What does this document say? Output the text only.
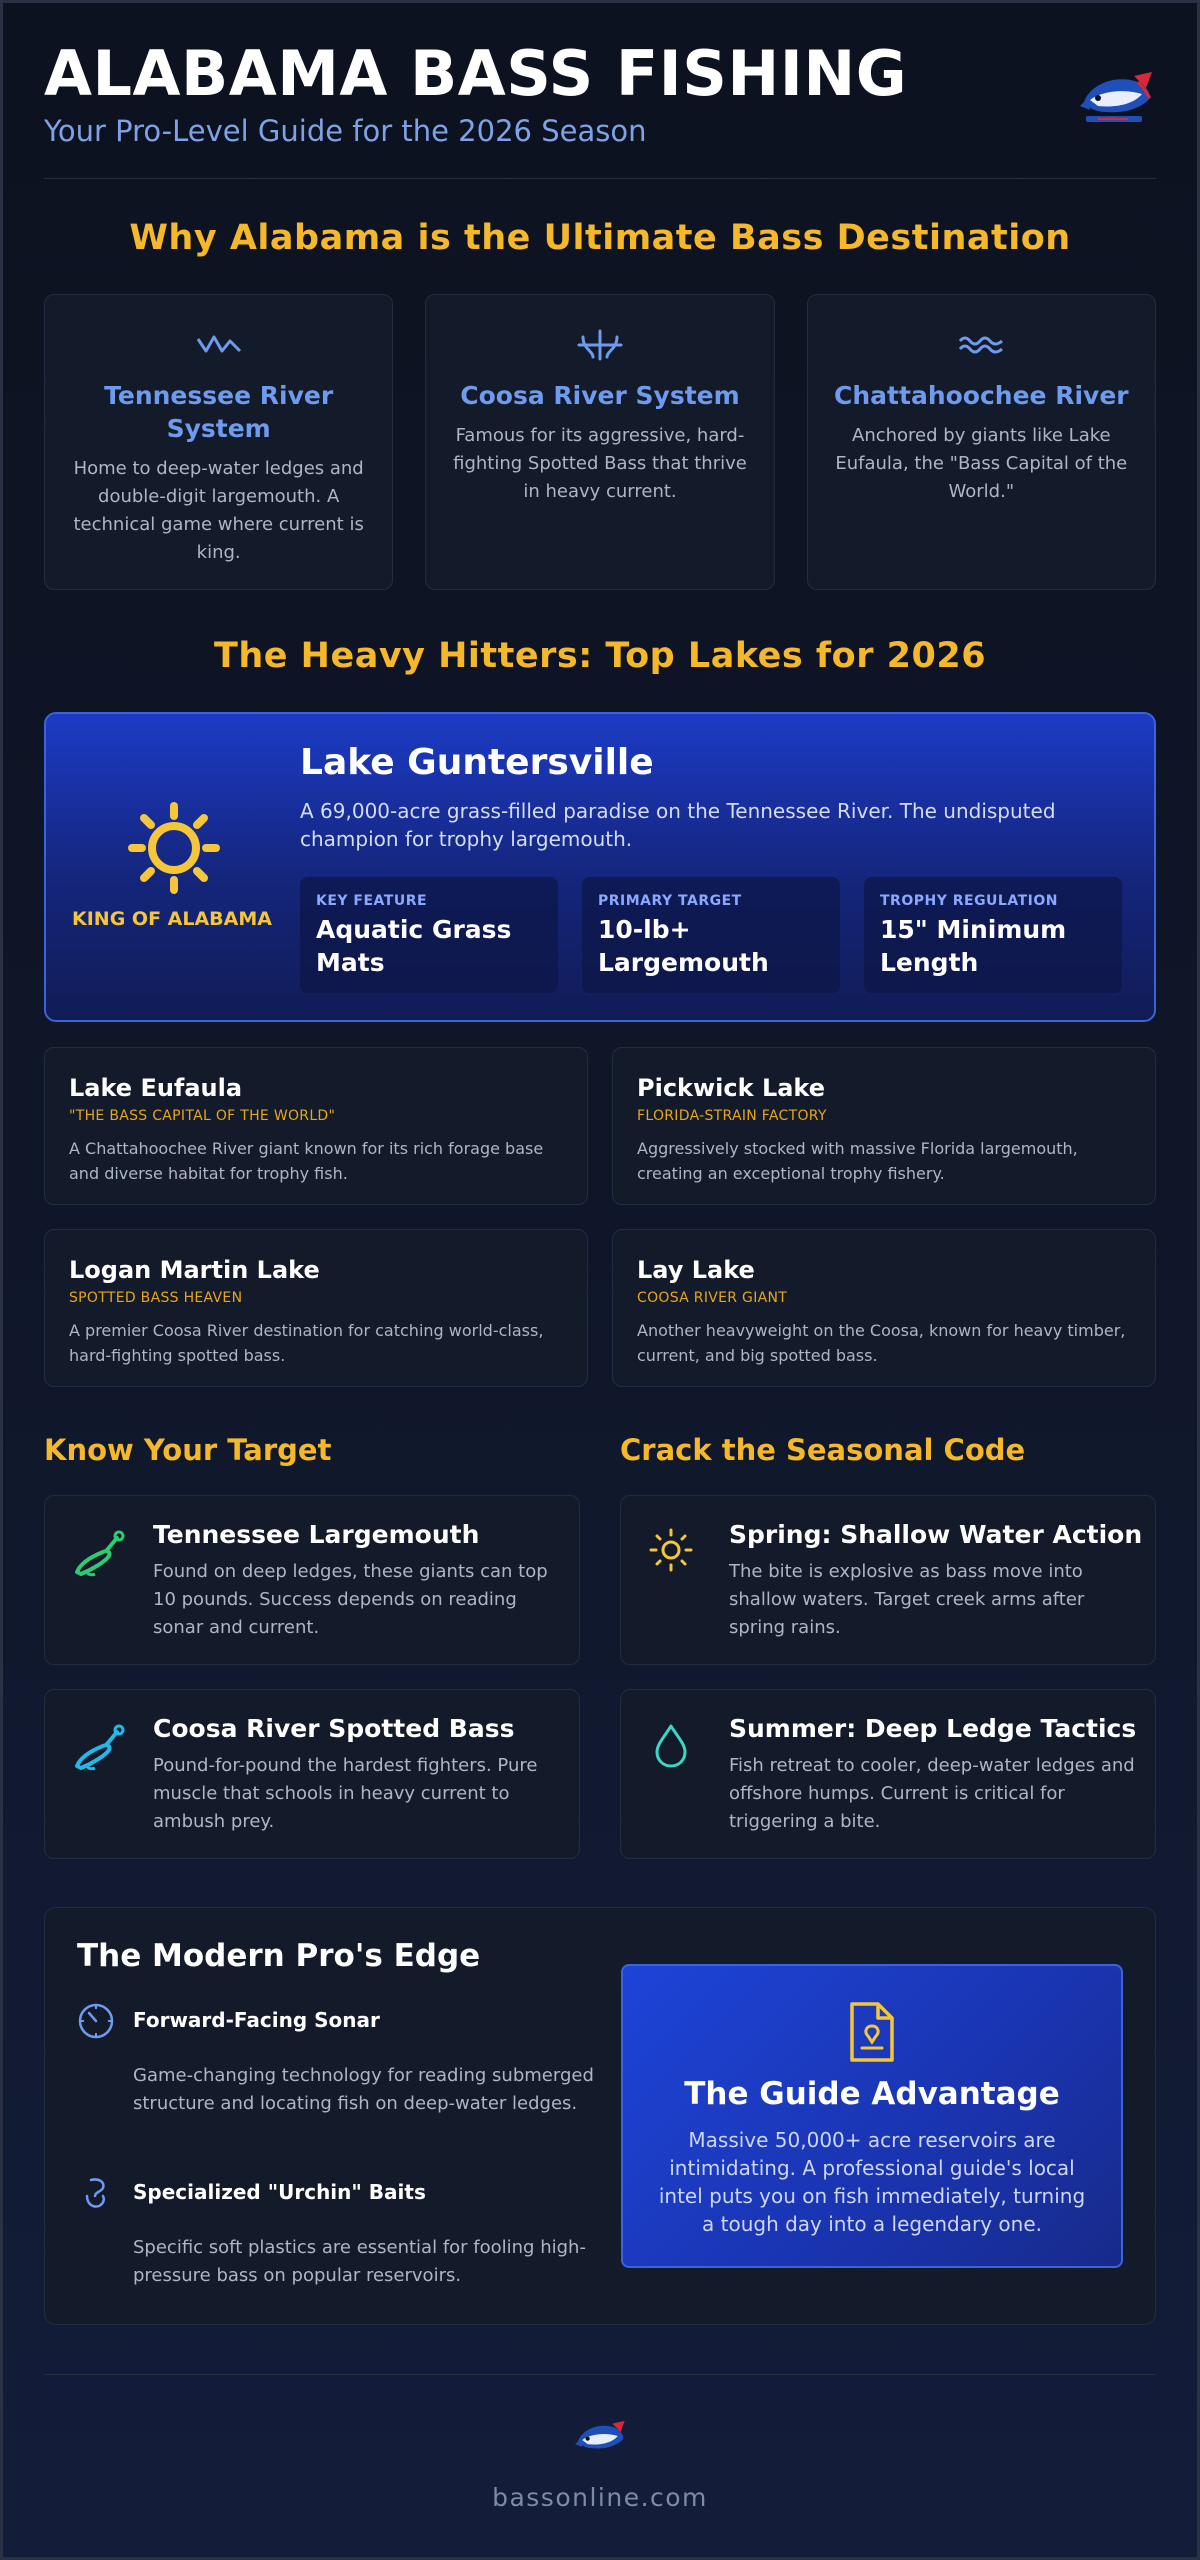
ALABAMA BASS FISHING
Your Pro-Level Guide for the 2026 Season
Why Alabama is the Ultimate Bass Destination
Tennessee River System

Home to deep-water ledges and double-digit largemouth. A technical game where current is king.

Coosa River System

Famous for its aggressive, hard-fighting Spotted Bass that thrive in heavy current.

Chattahoochee River

Anchored by giants like Lake Eufaula, the "Bass Capital of the World."

The Heavy Hitters: Top Lakes for 2026
KING OF ALABAMA
Lake Guntersville
A 69,000-acre grass-filled paradise on the Tennessee River. The undisputed champion for trophy largemouth.
KEY FEATURE
Aquatic Grass Mats
PRIMARY TARGET
10-lb+ Largemouth
TROPHY REGULATION
15" Minimum Length
Lake Eufaula
"THE BASS CAPITAL OF THE WORLD"

A Chattahoochee River giant known for its rich forage base and diverse habitat for trophy fish.

Pickwick Lake
FLORIDA-STRAIN FACTORY

Aggressively stocked with massive Florida largemouth, creating an exceptional trophy fishery.

Logan Martin Lake
SPOTTED BASS HEAVEN

A premier Coosa River destination for catching world-class, hard-fighting spotted bass.

Lay Lake
COOSA RIVER GIANT

Another heavyweight on the Coosa, known for heavy timber, current, and big spotted bass.

Know Your Target
Tennessee Largemouth

Found on deep ledges, these giants can top 10 pounds. Success depends on reading sonar and current.

Coosa River Spotted Bass

Pound-for-pound the hardest fighters. Pure muscle that schools in heavy current to ambush prey.

Crack the Seasonal Code
Spring: Shallow Water Action

The bite is explosive as bass move into shallow waters. Target creek arms after spring rains.

Summer: Deep Ledge Tactics

Fish retreat to cooler, deep-water ledges and offshore humps. Current is critical for triggering a bite.

The Modern Pro's Edge
Forward-Facing Sonar

Game-changing technology for reading submerged structure and locating fish on deep-water ledges.

Specialized "Urchin" Baits

Specific soft plastics are essential for fooling high-pressure bass on popular reservoirs.

The Guide Advantage

Massive 50,000+ acre reservoirs are intimidating. A professional guide's local intel puts you on fish immediately, turning a tough day into a legendary one.

bassonline.com
